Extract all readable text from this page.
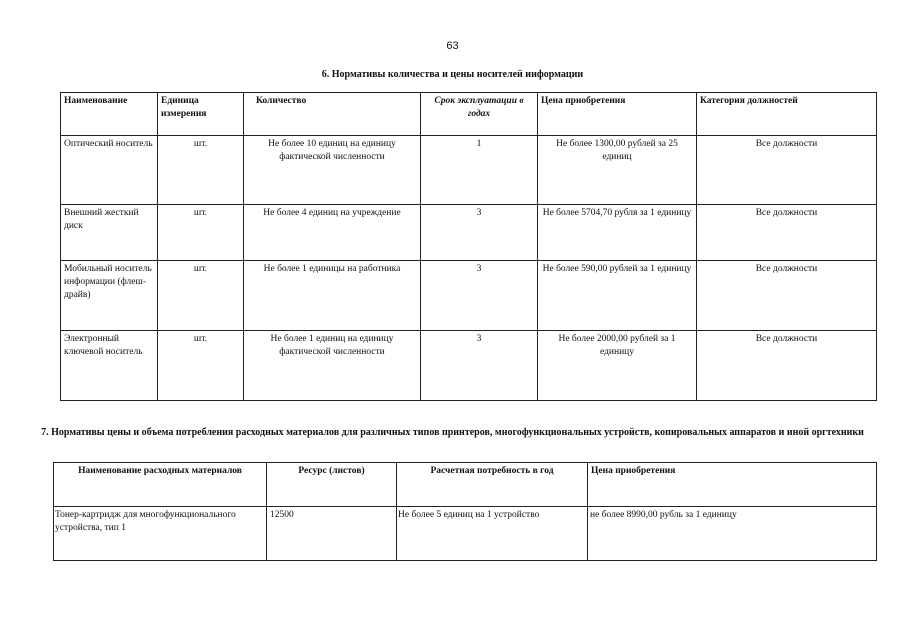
63
6. Нормативы количества и цены носителей информации
Наименование	Единица измерения	Количество	Срок эксплуатации в годах	Цена приобретения	Категория должностей
Оптический носитель	шт.	Не более 10 единиц на единицу фактической численности	1	Не более 1300,00 рублей за 25 единиц	Все должности
Внешний жесткий диск	шт.	Не более 4 единиц на учреждение	3	Не более 5704,70 рубля за 1 единицу	Все должности
Мобильный носитель информации (флеш-драйв)	шт.	Не более 1 единицы на работника	3	Не более 590,00 рублей за 1 единицу	Все должности
Электронный ключевой носитель	шт.	Не более 1 единиц на единицу фактической численности	3	Не более 2000,00 рублей за 1 единицу	Все должности
7. Нормативы цены и объема потребления расходных материалов для различных типов принтеров, многофункциональных устройств, копировальных аппаратов и иной оргтехники
Наименование расходных материалов	Ресурс (листов)	Расчетная потребность в год	Цена приобретения
Тонер-картридж для многофункционального устройства, тип 1	12500	Не более 5 единиц на 1 устройство	не более 8990,00 рубль за 1 единицу
